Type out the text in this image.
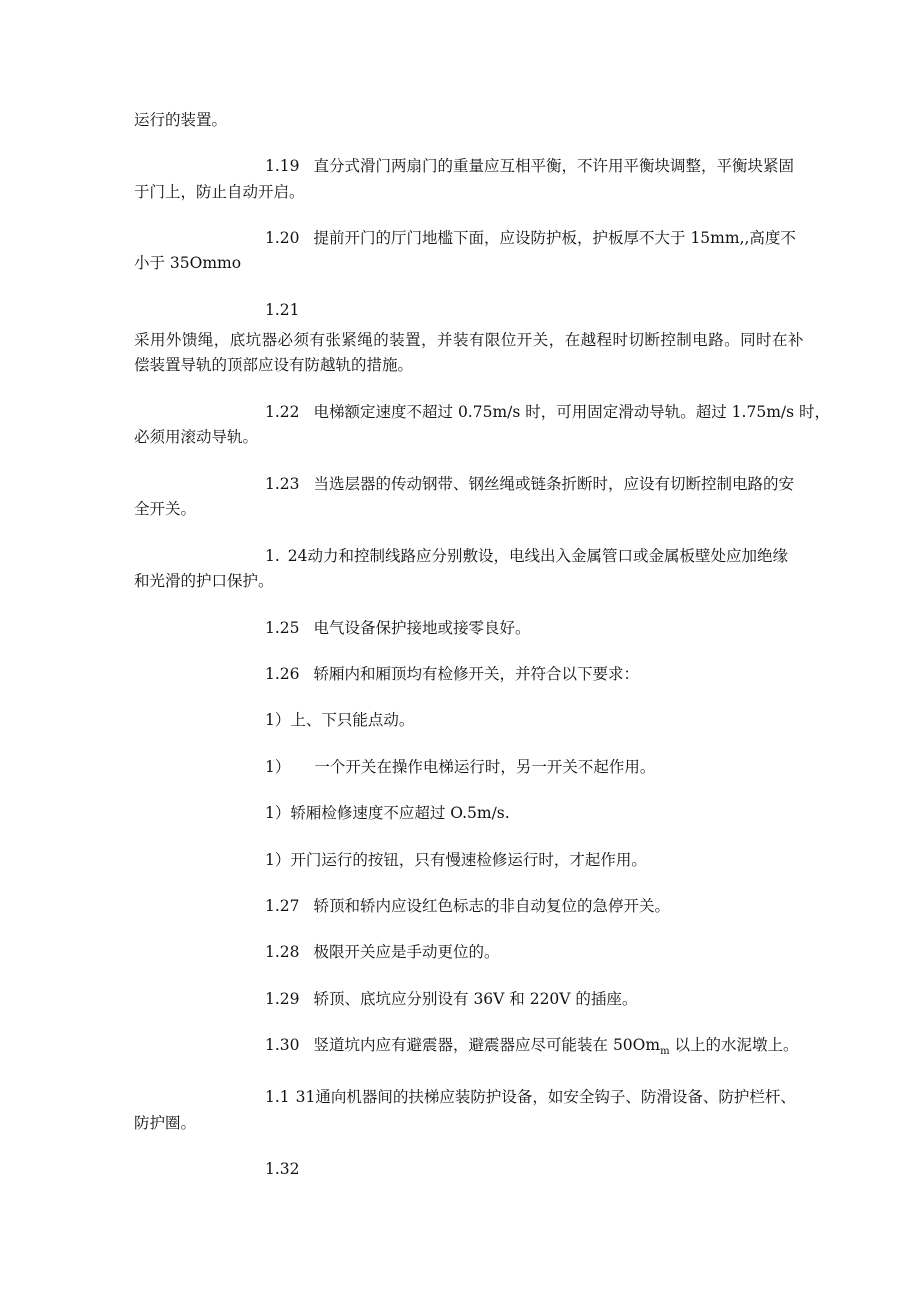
运行的装置。
1.19 直分式滑门两扇门的重量应互相平衡，不许用平衡块调整，平衡块紧固
于门上，防止自动开启。
1.20 提前开门的厅门地槛下面，应设防护板，护板厚不大于 15mm,,高度不
小于 35Ommo
1.21
采用外馈绳，底坑器必须有张紧绳的装置，并装有限位开关，在越程时切断控制电路。同时在补
偿装置导轨的顶部应设有防越轨的措施。
1.22 电梯额定速度不超过 0.75m∕s 时，可用固定滑动导轨。超过 1.75m∕s 时，
必须用滚动导轨。
1.23 当选层器的传动钢带、钢丝绳或链条折断时，应设有切断控制电路的安
全开关。
1. 24动力和控制线路应分别敷设，电线出入金属管口或金属板壁处应加绝缘
和光滑的护口保护。
1.25 电气设备保护接地或接零良好。
1.26 轿厢内和厢顶均有检修开关，并符合以下要求：
1）上、下只能点动。
1） 一个开关在操作电梯运行时，另一开关不起作用。
1）轿厢检修速度不应超过 O.5m∕s.
1）开门运行的按钮，只有慢速检修运行时，才起作用。
1.27 轿顶和轿内应设红色标志的非自动复位的急停开关。
1.28 极限开关应是手动更位的。
1.29 轿顶、底坑应分别设有 36V 和 220V 的插座。
1.30 竖道坑内应有避震器，避震器应尽可能装在 $50Om_m$ 以上的水泥墩上。
1.1 31通向机器间的扶梯应装防护设备，如安全钩子、防滑设备、防护栏杆、
防护圈。
1.32
